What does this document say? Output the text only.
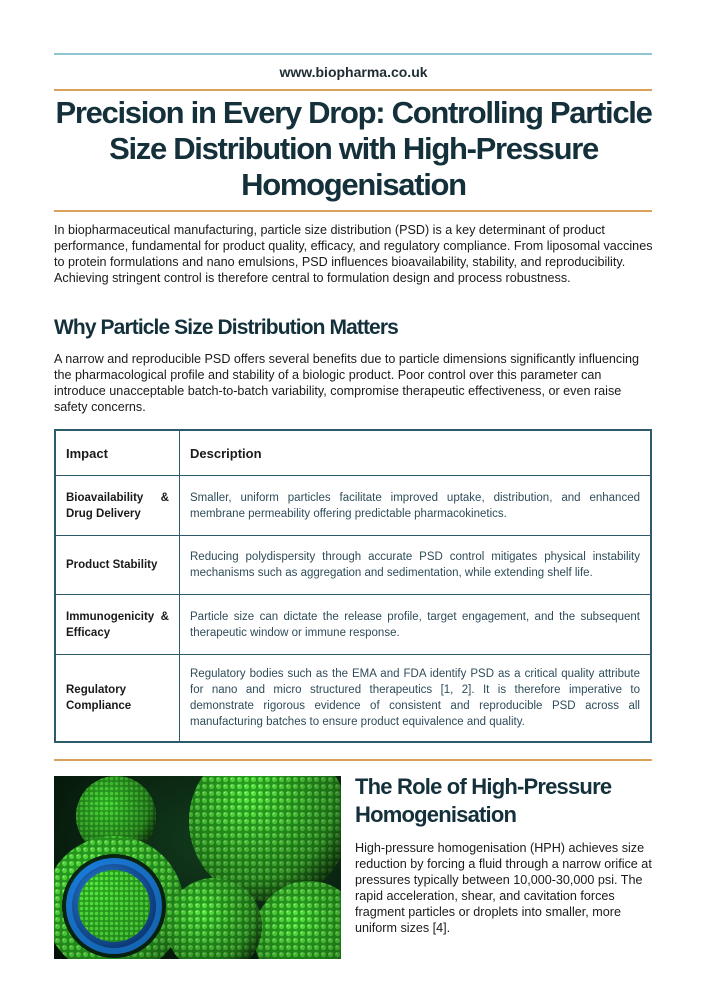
www.biopharma.co.uk
Precision in Every Drop: Controlling Particle Size Distribution with High-Pressure Homogenisation

In biopharmaceutical manufacturing, particle size distribution (PSD) is a key determinant of product performance, fundamental for product quality, efficacy, and regulatory compliance. From liposomal vaccines to protein formulations and nano emulsions, PSD influences bioavailability, stability, and reproducibility. Achieving stringent control is therefore central to formulation design and process robustness.

Why Particle Size Distribution Matters

A narrow and reproducible PSD offers several benefits due to particle dimensions significantly influencing the pharmacological profile and stability of a biologic product. Poor control over this parameter can introduce unacceptable batch-to-batch variability, compromise therapeutic effectiveness, or even raise safety concerns.

Impact	Description
Bioavailability & Drug Delivery	Smaller, uniform particles facilitate improved uptake, distribution, and enhanced membrane permeability offering predictable pharmacokinetics.
Product Stability	Reducing polydispersity through accurate PSD control mitigates physical instability mechanisms such as aggregation and sedimentation, while extending shelf life.
Immunogenicity & Efficacy	Particle size can dictate the release profile, target engagement, and the subsequent therapeutic window or immune response.
Regulatory Compliance	Regulatory bodies such as the EMA and FDA identify PSD as a critical quality attribute for nano and micro structured therapeutics [1, 2]. It is therefore imperative to demonstrate rigorous evidence of consistent and reproducible PSD across all manufacturing batches to ensure product equivalence and quality.
The Role of High-Pressure Homogenisation

High-pressure homogenisation (HPH) achieves size reduction by forcing a fluid through a narrow orifice at pressures typically between 10,000-30,000 psi. The rapid acceleration, shear, and cavitation forces fragment particles or droplets into smaller, more uniform sizes [4].
